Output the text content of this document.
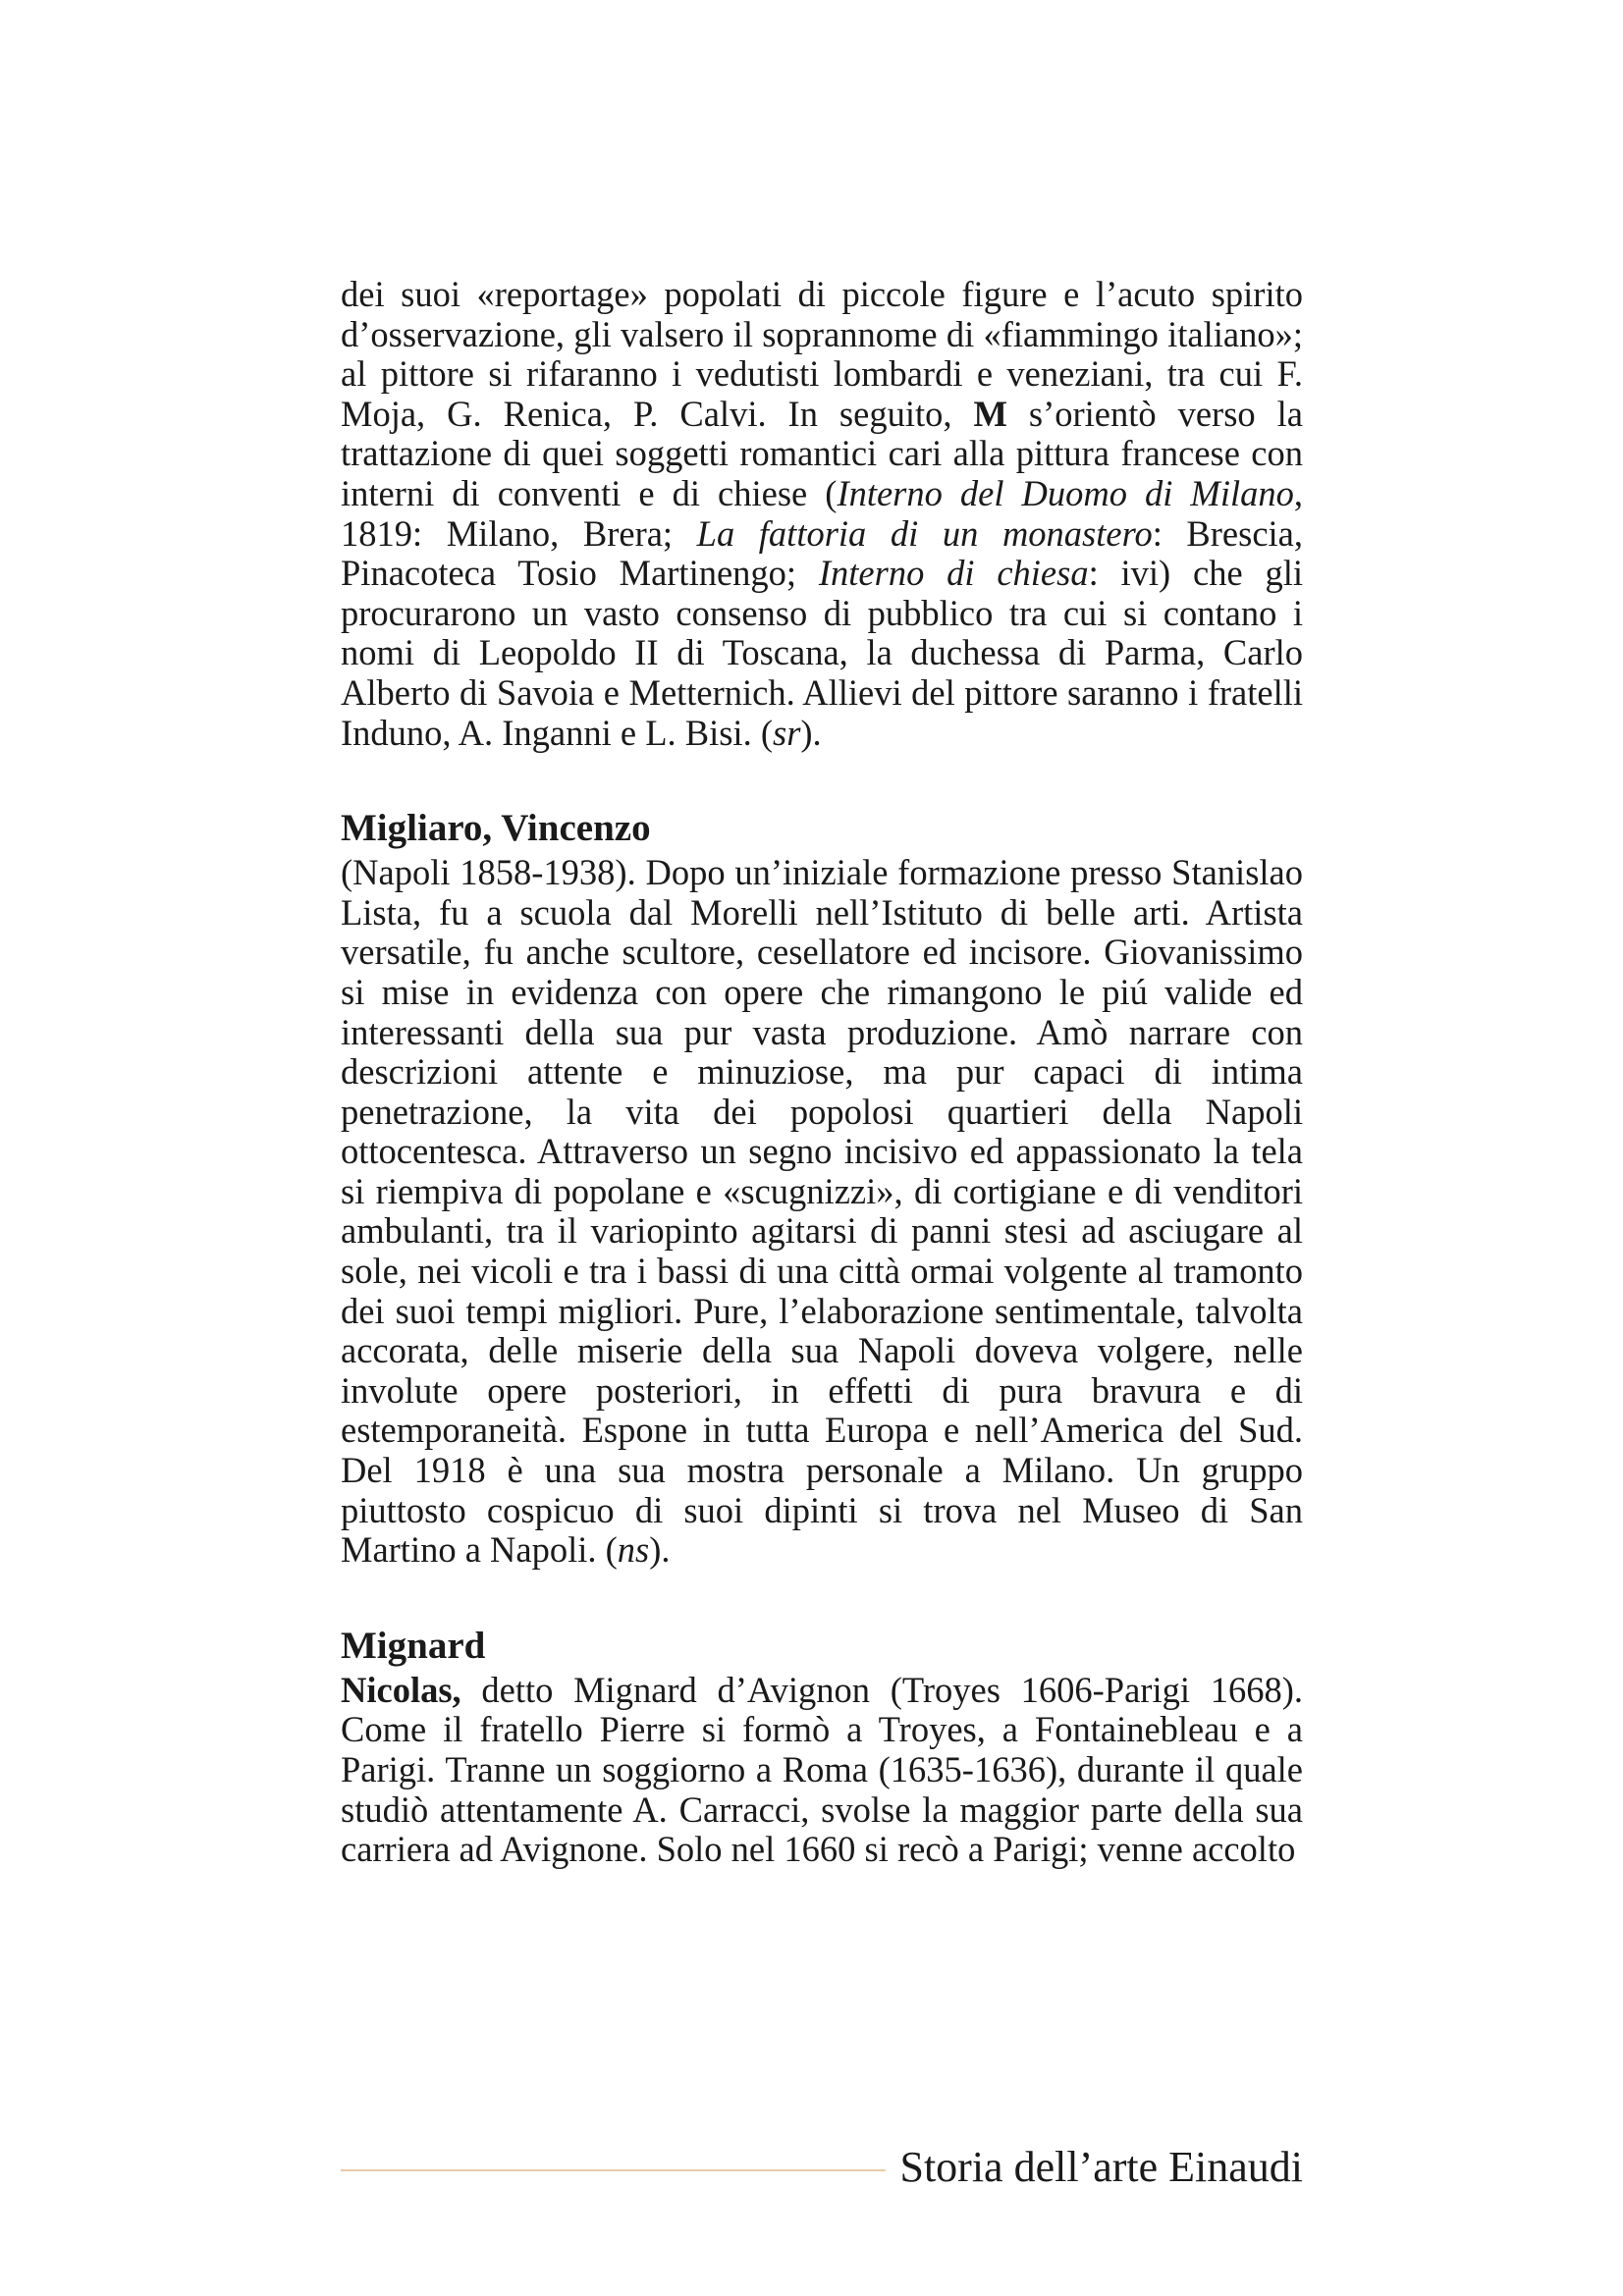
dei suoi «reportage» popolati di piccole figure e l’acuto spirito d’osservazione, gli valsero il soprannome di «fiammingo italiano»; al pittore si rifaranno i vedutisti lombardi e veneziani, tra cui F. Moja, G. Renica, P. Calvi. In seguito, M s’orientò verso la trattazione di quei soggetti romantici cari alla pittura francese con interni di conventi e di chiese (Interno del Duomo di Milano, 1819: Milano, Brera; La fattoria di un monastero: Brescia, Pinacoteca Tosio Martinengo; Interno di chiesa: ivi) che gli procurarono un vasto consenso di pubblico tra cui si contano i nomi di Leopoldo II di Toscana, la duchessa di Parma, Carlo Alberto di Savoia e Metternich. Allievi del pittore saranno i fratelli Induno, A. Inganni e L. Bisi. (sr).

Migliaro, Vincenzo

(Napoli 1858-1938). Dopo un’iniziale formazione presso Stanislao Lista, fu a scuola dal Morelli nell’Istituto di belle arti. Artista versatile, fu anche scultore, cesellatore ed incisore. Giovanissimo si mise in evidenza con opere che rimangono le piú valide ed interessanti della sua pur vasta produzione. Amò narrare con descrizioni attente e minuziose, ma pur capaci di intima penetrazione, la vita dei popolosi quartieri della Napoli ottocentesca. Attraverso un segno incisivo ed appassionato la tela si riempiva di popolane e «scugnizzi», di cortigiane e di venditori ambulanti, tra il variopinto agitarsi di panni stesi ad asciugare al sole, nei vicoli e tra i bassi di una città ormai volgente al tramonto dei suoi tempi migliori. Pure, l’elaborazione sentimentale, talvolta accorata, delle miserie della sua Napoli doveva volgere, nelle involute opere posteriori, in effetti di pura bravura e di estemporaneità. Espone in tutta Europa e nell’America del Sud. Del 1918 è una sua mostra personale a Milano. Un gruppo piuttosto cospicuo di suoi dipinti si trova nel Museo di San Martino a Napoli. (ns).

Mignard

Nicolas, detto Mignard d’Avignon (Troyes 1606-Parigi 1668). Come il fratello Pierre si formò a Troyes, a Fontainebleau e a Parigi. Tranne un soggiorno a Roma (1635-1636), durante il quale studiò attentamente A. Carracci, svolse la maggior parte della sua carriera ad Avignone. Solo nel 1660 si recò a Parigi; venne accolto

Storia dell’arte Einaudi
